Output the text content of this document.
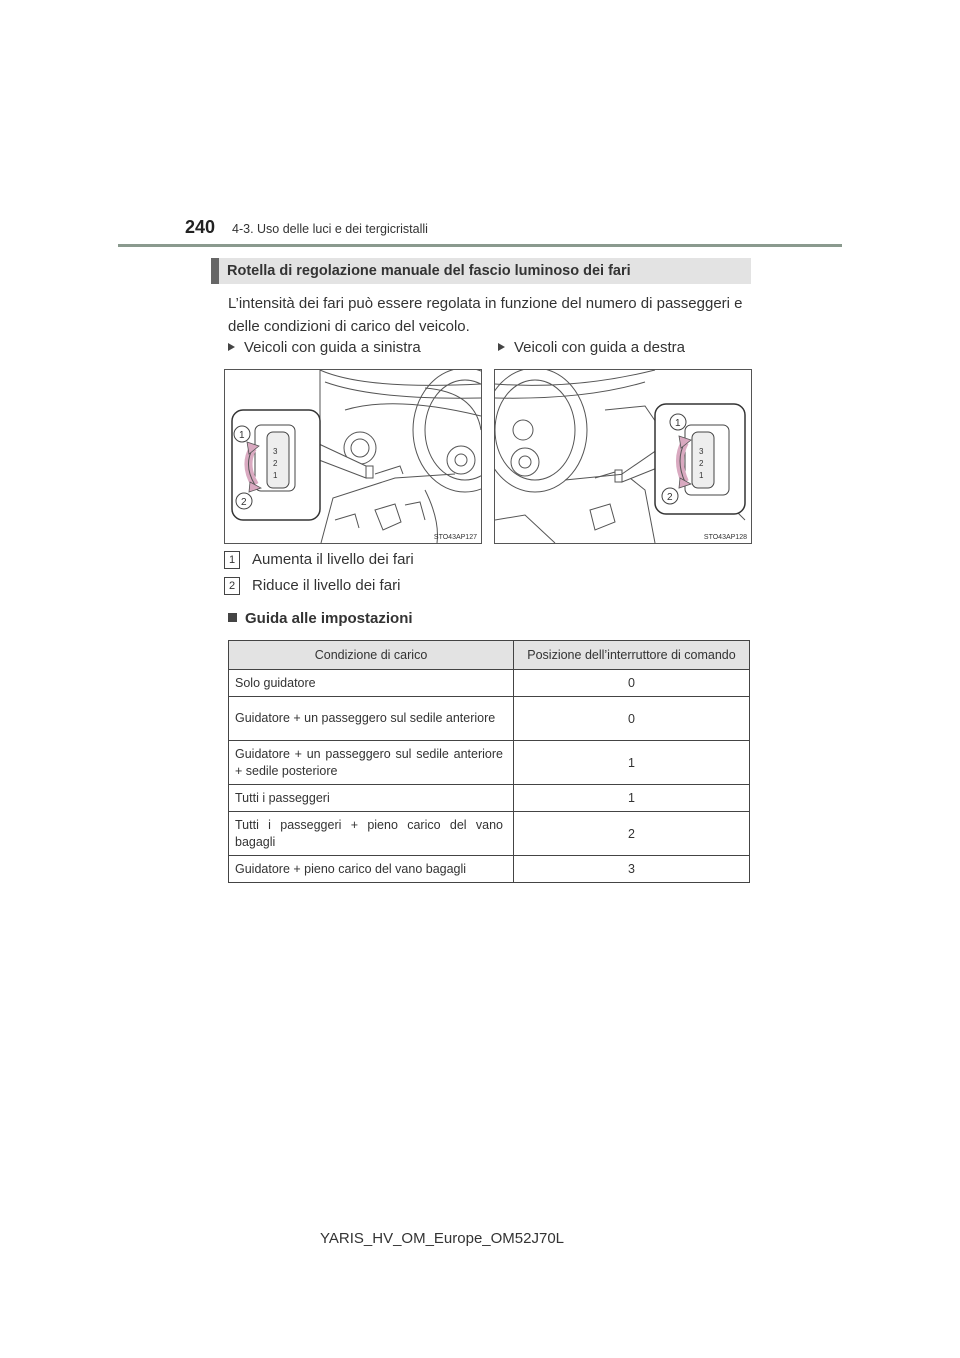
240 4-3. Uso delle luci e dei tergicristalli
Rotella di regolazione manuale del fascio luminoso dei fari
L’intensità dei fari può essere regolata in funzione del numero di passeggeri e delle condizioni di carico del veicolo.
Veicoli con guida a sinistra	Veicoli con guida a destra
3
2
1
1
2
STO43AP127
3
2
1
1
2
STO43AP128
1 Aumenta il livello dei fari
2 Riduce il livello dei fari
Guida alle impostazioni
Condizione di carico	Posizione dell’interruttore di comando
Solo guidatore	0
Guidatore + un passeggero sul sedile anteriore	0
Guidatore + un passeggero sul sedile anteriore + sedile posteriore	1
Tutti i passeggeri	1
Tutti i passeggeri + pieno carico del vano bagagli	2
Guidatore + pieno carico del vano bagagli	3
YARIS_HV_OM_Europe_OM52J70L
